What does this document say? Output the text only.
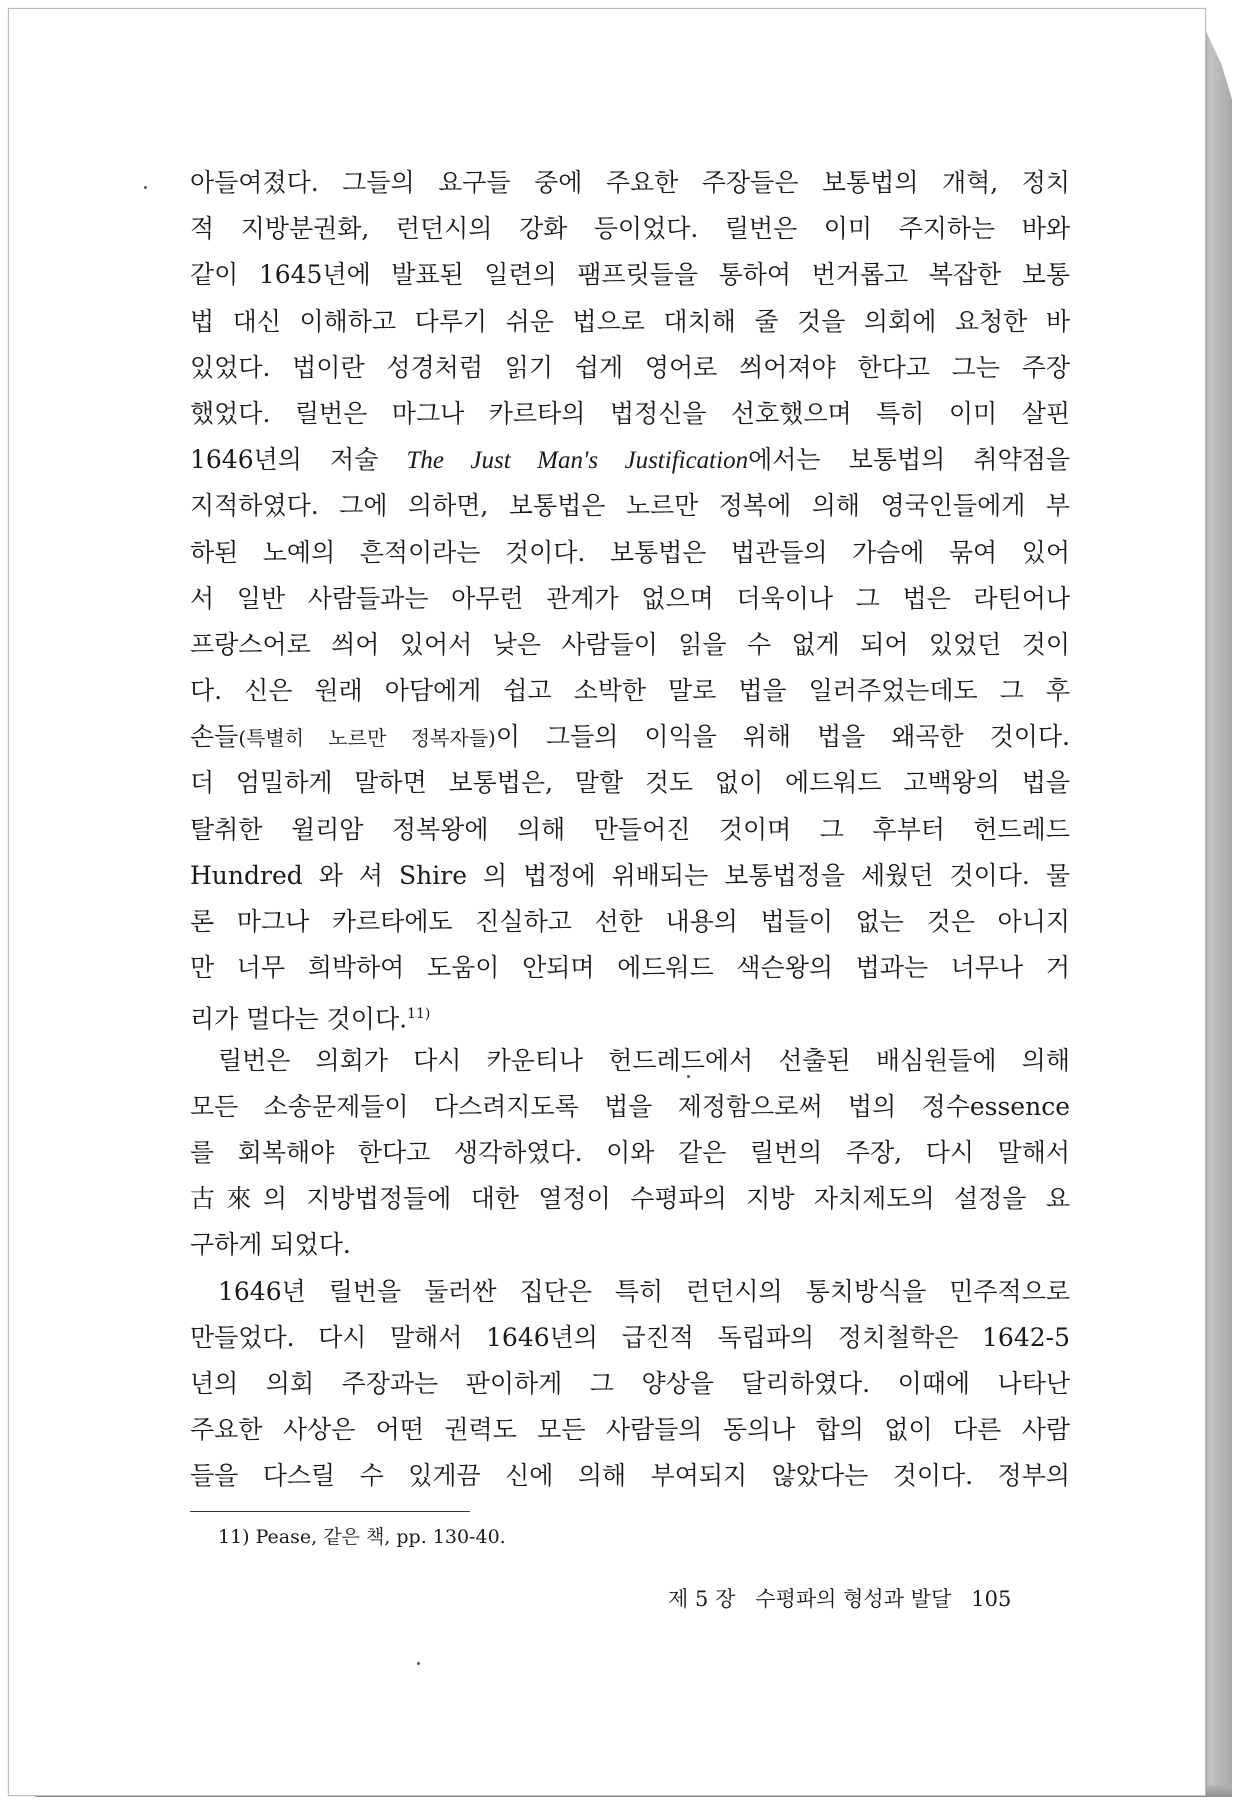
아들여졌다. 그들의 요구들 중에 주요한 주장들은 보통법의 개혁, 정치
적 지방분권화, 런던시의 강화 등이었다. 릴번은 이미 주지하는 바와
같이 1645년에 발표된 일련의 팸프릿들을 통하여 번거롭고 복잡한 보통
법 대신 이해하고 다루기 쉬운 법으로 대치해 줄 것을 의회에 요청한 바
있었다. 법이란 성경처럼 읽기 쉽게 영어로 씌어져야 한다고 그는 주장
했었다. 릴번은 마그나 카르타의 법정신을 선호했으며 특히 이미 살핀
1646년의 저술 The Just Man's Justification에서는 보통법의 취약점을
지적하였다. 그에 의하면, 보통법은 노르만 정복에 의해 영국인들에게 부
하된 노예의 흔적이라는 것이다. 보통법은 법관들의 가슴에 묶여 있어
서 일반 사람들과는 아무런 관계가 없으며 더욱이나 그 법은 라틴어나
프랑스어로 씌어 있어서 낮은 사람들이 읽을 수 없게 되어 있었던 것이
다. 신은 원래 아담에게 쉽고 소박한 말로 법을 일러주었는데도 그 후
손들(특별히 노르만 정복자들)이 그들의 이익을 위해 법을 왜곡한 것이다.
더 엄밀하게 말하면 보통법은, 말할 것도 없이 에드워드 고백왕의 법을
탈취한 윌리암 정복왕에 의해 만들어진 것이며 그 후부터 헌드레드
Hundred 와 셔 Shire 의 법정에 위배되는 보통법정을 세웠던 것이다. 물
론 마그나 카르타에도 진실하고 선한 내용의 법들이 없는 것은 아니지
만 너무 희박하여 도움이 안되며 에드워드 색슨왕의 법과는 너무나 거
리가 멀다는 것이다.$^{11)}$
릴번은 의회가 다시 카운티나 헌드레드에서 선출된 배심원들에 의해
모든 소송문제들이 다스려지도록 법을 제정함으로써 법의 정수essence
를 회복해야 한다고 생각하였다. 이와 같은 릴번의 주장, 다시 말해서
古來의 지방법정들에 대한 열정이 수평파의 지방 자치제도의 설정을 요
구하게 되었다.
1646년 릴번을 둘러싼 집단은 특히 런던시의 통치방식을 민주적으로
만들었다. 다시 말해서 1646년의 급진적 독립파의 정치철학은 1642-5
년의 의회 주장과는 판이하게 그 양상을 달리하였다. 이때에 나타난
주요한 사상은 어떤 권력도 모든 사람들의 동의나 합의 없이 다른 사람
들을 다스릴 수 있게끔 신에 의해 부여되지 않았다는 것이다. 정부의
11) Pease, 같은 책, pp. 130-40.
제 5 장 수평파의 형성과 발달 105
